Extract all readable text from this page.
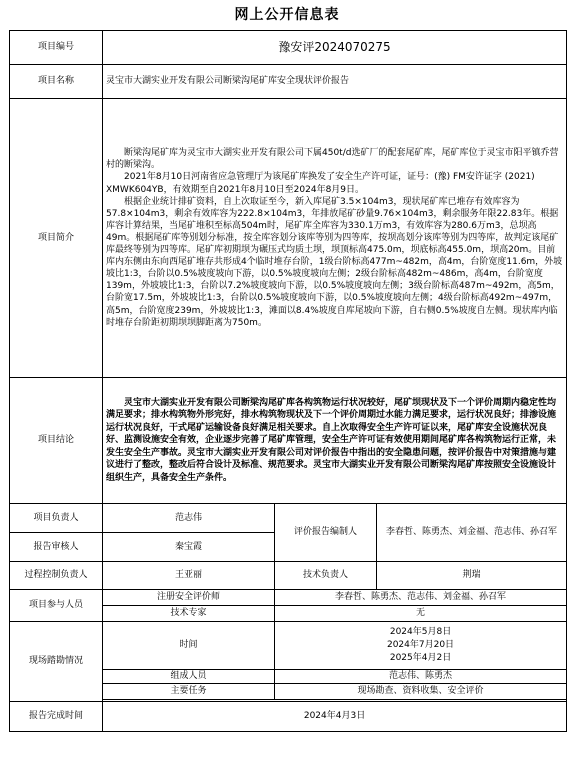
网上公开信息表
项目编号	豫安评2024070275		
项目名称	灵宝市大湖实业开发有限公司断梁沟尾矿库安全现状评价报告		
项目简介	断梁沟尾矿库为灵宝市大湖实业开发有限公司下属450t/d选矿厂的配套尾矿库，尾矿库位于灵宝市阳平镇乔营村的断梁沟。

2021年8月10日河南省应急管理厅为该尾矿库换发了安全生产许可证，证号：(豫) FM安许证字 (2021) XMWK604YB，有效期至自2021年8月10日至2024年8月9日。

根据企业统计排矿资料，自上次取证至今，新入库尾矿3.5×104m3，现状尾矿库已堆存有效库容为57.8×104m3，剩余有效库容为222.8×104m3，年排放尾矿砂量9.76×104m3，剩余服务年限22.83年。根据库容计算结果，当尾矿堆积至标高504m时，尾矿库全库容为330.1万m3，有效库容为280.6万m3，总坝高49m。根据尾矿库等别划分标准，按全库容划分该库等别为四等库，按坝高划分该库等别为四等库，故判定该尾矿库最终等别为四等库。尾矿库初期坝为碾压式均质土坝，坝顶标高475.0m，坝底标高455.0m，坝高20m。目前库内东侧由东向西尾矿堆存共形成4个临时堆存台阶，1级台阶标高477m~482m，高4m，台阶宽度11.6m，外坡坡比1:3，台阶以0.5%坡度坡向下游，以0.5%坡度坡向左侧；2级台阶标高482m~486m，高4m，台阶宽度139m，外坡坡比1:3，台阶以7.2%坡度坡向下游，以0.5%坡度坡向左侧；3级台阶标高487m~492m，高5m，台阶宽17.5m，外坡坡比1:3，台阶以0.5%坡度坡向下游，以0.5%坡度坡向左侧；4级台阶标高492m~497m，高5m，台阶宽度239m，外坡坡比1:3，滩面以8.4%坡度自库尾坡向下游，自右侧0.5%坡度自左侧。现状库内临时堆存台阶距初期坝坝脚距离为750m。		

项目结论	灵宝市大湖实业开发有限公司断梁沟尾矿库各构筑物运行状况较好，尾矿坝现状及下一个评价周期内稳定性均满足要求；排水构筑物外形完好，排水构筑物现状及下一个评价周期过水能力满足要求，运行状况良好；排渗设施运行状况良好，干式尾矿运输设备良好满足相关要求。自上次取得安全生产许可证以来，尾矿库安全设施状况良好、监测设施安全有效，企业逐步完善了尾矿库管理，安全生产许可证有效使用期间尾矿库各构筑物运行正常，未发生安全生产事故。灵宝市大湖实业开发有限公司对评价报告中指出的安全隐患问题，按评价报告中对策措施与建议进行了整改，整改后符合设计及标准、规范要求。灵宝市大湖实业开发有限公司断梁沟尾矿库按照安全设施设计组织生产，具备安全生产条件。		
项目负责人	范志伟	评价报告编制人	李春哲、陈勇杰、刘金福、范志伟、孙召军
报告审核人	秦宝霞		
过程控制负责人	王亚丽	技术负责人	荆瑞
项目参与人员	注册安全评价师	李春哲、陈勇杰、范志伟、刘金福、孙召军	
	技术专家	无	
现场踏勘情况	时间	2024年5月8日
2024年7月20日
2025年4月2日	

	组成人员	范志伟、陈勇杰	
	主要任务	现场勘查、资料收集、安全评价	

报告完成时间	2024年4月3日		
